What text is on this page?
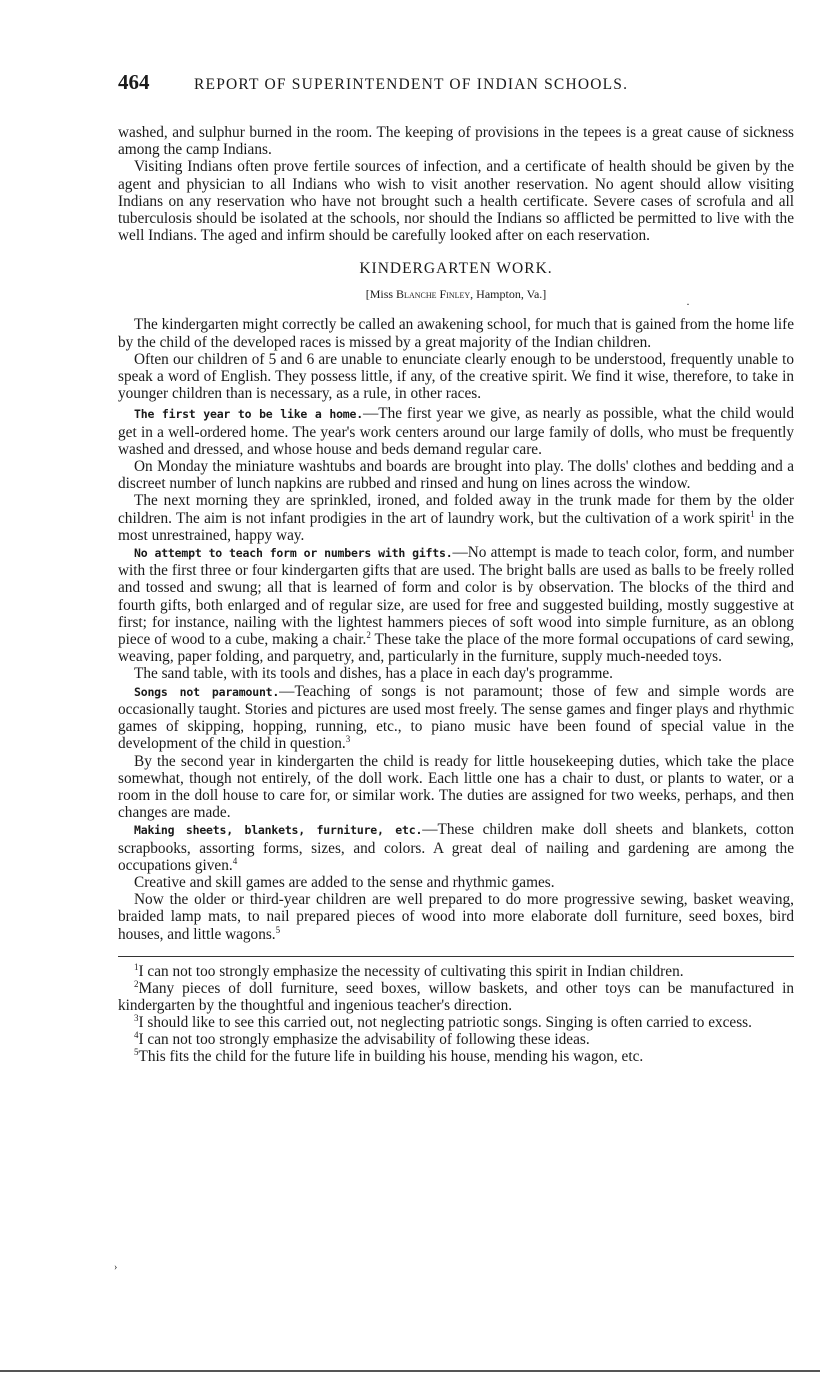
464	REPORT OF SUPERINTENDENT OF INDIAN SCHOOLS.

washed, and sulphur burned in the room. The keeping of provisions in the tepees is a great cause of sickness among the camp Indians.

Visiting Indians often prove fertile sources of infection, and a certificate of health should be given by the agent and physician to all Indians who wish to visit another reservation. No agent should allow visiting Indians on any reservation who have not brought such a health certificate. Severe cases of scrofula and all tuberculosis should be isolated at the schools, nor should the Indians so afflicted be permitted to live with the well Indians. The aged and infirm should be carefully looked after on each reservation.

KINDERGARTEN WORK.
[Miss Blanche Finley, Hampton, Va.]

The kindergarten might correctly be called an awakening school, for much that is gained from the home life by the child of the developed races is missed by a great majority of the Indian children.

Often our children of 5 and 6 are unable to enunciate clearly enough to be understood, frequently unable to speak a word of English. They possess little, if any, of the creative spirit. We find it wise, therefore, to take in younger children than is necessary, as a rule, in other races.

The first year to be like a home.—The first year we give, as nearly as possible, what the child would get in a well-ordered home. The year's work centers around our large family of dolls, who must be frequently washed and dressed, and whose house and beds demand regular care.

On Monday the miniature washtubs and boards are brought into play. The dolls' clothes and bedding and a discreet number of lunch napkins are rubbed and rinsed and hung on lines across the window.

The next morning they are sprinkled, ironed, and folded away in the trunk made for them by the older children. The aim is not infant prodigies in the art of laundry work, but the cultivation of a work spirit$^1$ in the most unrestrained, happy way.

No attempt to teach form or numbers with gifts.—No attempt is made to teach color, form, and number with the first three or four kindergarten gifts that are used. The bright balls are used as balls to be freely rolled and tossed and swung; all that is learned of form and color is by observation. The blocks of the third and fourth gifts, both enlarged and of regular size, are used for free and suggested building, mostly suggestive at first; for instance, nailing with the lightest hammers pieces of soft wood into simple furniture, as an oblong piece of wood to a cube, making a chair.$^2$ These take the place of the more formal occupations of card sewing, weaving, paper folding, and parquetry, and, particularly in the furniture, supply much-needed toys.

The sand table, with its tools and dishes, has a place in each day's programme.

Songs not paramount.—Teaching of songs is not paramount; those of few and simple words are occasionally taught. Stories and pictures are used most freely. The sense games and finger plays and rhythmic games of skipping, hopping, running, etc., to piano music have been found of special value in the development of the child in question.$^3$

By the second year in kindergarten the child is ready for little housekeeping duties, which take the place somewhat, though not entirely, of the doll work. Each little one has a chair to dust, or plants to water, or a room in the doll house to care for, or similar work. The duties are assigned for two weeks, perhaps, and then changes are made.

Making sheets, blankets, furniture, etc.—These children make doll sheets and blankets, cotton scrapbooks, assorting forms, sizes, and colors. A great deal of nailing and gardening are among the occupations given.$^4$

Creative and skill games are added to the sense and rhythmic games.

Now the older or third-year children are well prepared to do more progressive sewing, basket weaving, braided lamp mats, to nail prepared pieces of wood into more elaborate doll furniture, seed boxes, bird houses, and little wagons.$^5$

$^1$I can not too strongly emphasize the necessity of cultivating this spirit in Indian children.

$^2$Many pieces of doll furniture, seed boxes, willow baskets, and other toys can be manufactured in kindergarten by the thoughtful and ingenious teacher's direction.

$^3$I should like to see this carried out, not neglecting patriotic songs. Singing is often carried to excess.

$^4$I can not too strongly emphasize the advisability of following these ideas.

$^5$This fits the child for the future life in building his house, mending his wagon, etc.

·
›
